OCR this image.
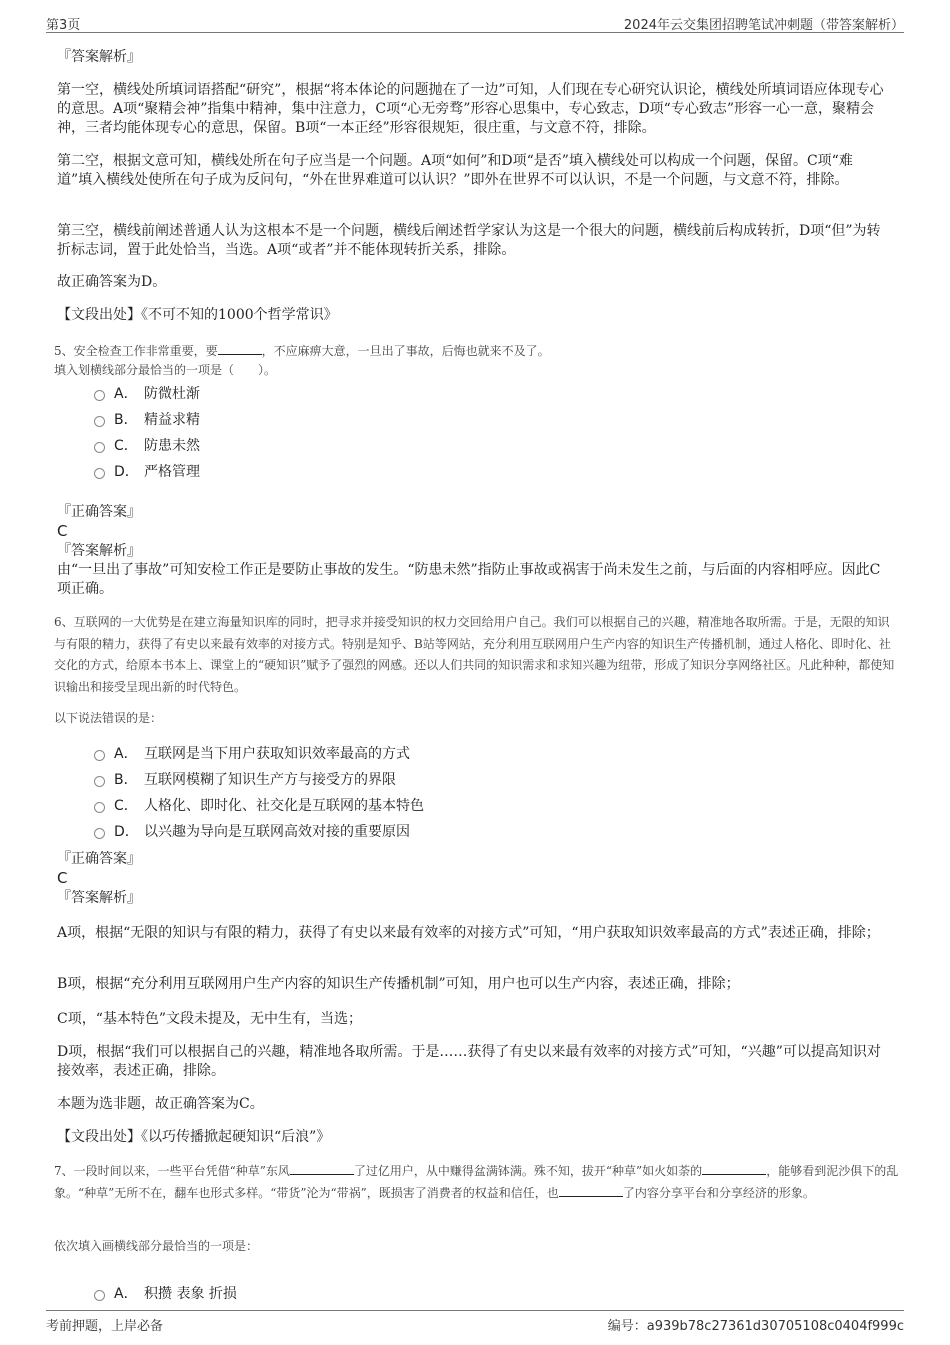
第3页	2024年云交集团招聘笔试冲刺题（带答案解析）
『答案解析』
第一空，横线处所填词语搭配“研究”，根据“将本体论的问题抛在了一边”可知，人们现在专心研究认识论，横线处所填词语应体现专心的意思。A项“聚精会神”指集中精神，集中注意力，C项“心无旁骛”形容心思集中，专心致志，D项“专心致志”形容一心一意，聚精会神，三者均能体现专心的意思，保留。B项“一本正经”形容很规矩，很庄重，与文意不符，排除。
第二空，根据文意可知，横线处所在句子应当是一个问题。A项“如何”和D项“是否”填入横线处可以构成一个问题，保留。C项“难道”填入横线处使所在句子成为反问句，“外在世界难道可以认识？”即外在世界不可以认识，不是一个问题，与文意不符，排除。
第三空，横线前阐述普通人认为这根本不是一个问题，横线后阐述哲学家认为这是一个很大的问题，横线前后构成转折，D项“但”为转折标志词，置于此处恰当，当选。A项“或者”并不能体现转折关系，排除。
故正确答案为D。
【文段出处】《不可不知的1000个哲学常识》
5、安全检查工作非常重要，要	，不应麻痹大意，一旦出了事故，后悔也就来不及了。
填入划横线部分最恰当的一项是（　　）。
A． 防微杜渐
B． 精益求精
C． 防患未然
D． 严格管理
『正确答案』
C
『答案解析』
由“一旦出了事故”可知安检工作正是要防止事故的发生。“防患未然”指防止事故或祸害于尚未发生之前，与后面的内容相呼应。因此C项正确。
6、互联网的一大优势是在建立海量知识库的同时，把寻求并接受知识的权力交回给用户自己。我们可以根据自己的兴趣，精准地各取所需。于是，无限的知识与有限的精力，获得了有史以来最有效率的对接方式。特别是知乎、B站等网站，充分利用互联网用户生产内容的知识生产传播机制，通过人格化、即时化、社交化的方式，给原本书本上、课堂上的“硬知识”赋予了强烈的网感。还以人们共同的知识需求和求知兴趣为纽带，形成了知识分享网络社区。凡此种种，都使知识输出和接受呈现出新的时代特色。
以下说法错误的是：
A． 互联网是当下用户获取知识效率最高的方式
B． 互联网模糊了知识生产方与接受方的界限
C． 人格化、即时化、社交化是互联网的基本特色
D． 以兴趣为导向是互联网高效对接的重要原因
『正确答案』
C
『答案解析』
A项，根据“无限的知识与有限的精力，获得了有史以来最有效率的对接方式”可知，“用户获取知识效率最高的方式”表述正确，排除；
B项，根据“充分利用互联网用户生产内容的知识生产传播机制”可知，用户也可以生产内容，表述正确，排除；
C项，“基本特色”文段未提及，无中生有，当选；
D项，根据“我们可以根据自己的兴趣，精准地各取所需。于是……获得了有史以来最有效率的对接方式”可知，“兴趣”可以提高知识对接效率，表述正确，排除。
本题为选非题，故正确答案为C。
【文段出处】《以巧传播掀起硬知识“后浪”》
7、一段时间以来，一些平台凭借“种草”东风	了过亿用户，从中赚得盆满钵满。殊不知，拔开“种草”如火如荼的	，能够看到泥沙俱下的乱象。“种草”无所不在，翻车也形式多样。“带货”沦为“带祸”，既损害了消费者的权益和信任，也	了内容分享平台和分享经济的形象。
依次填入画横线部分最恰当的一项是：
A． 积攒 表象 折损
考前押题，上岸必备	编号：a939b78c27361d30705108c0404f999c
